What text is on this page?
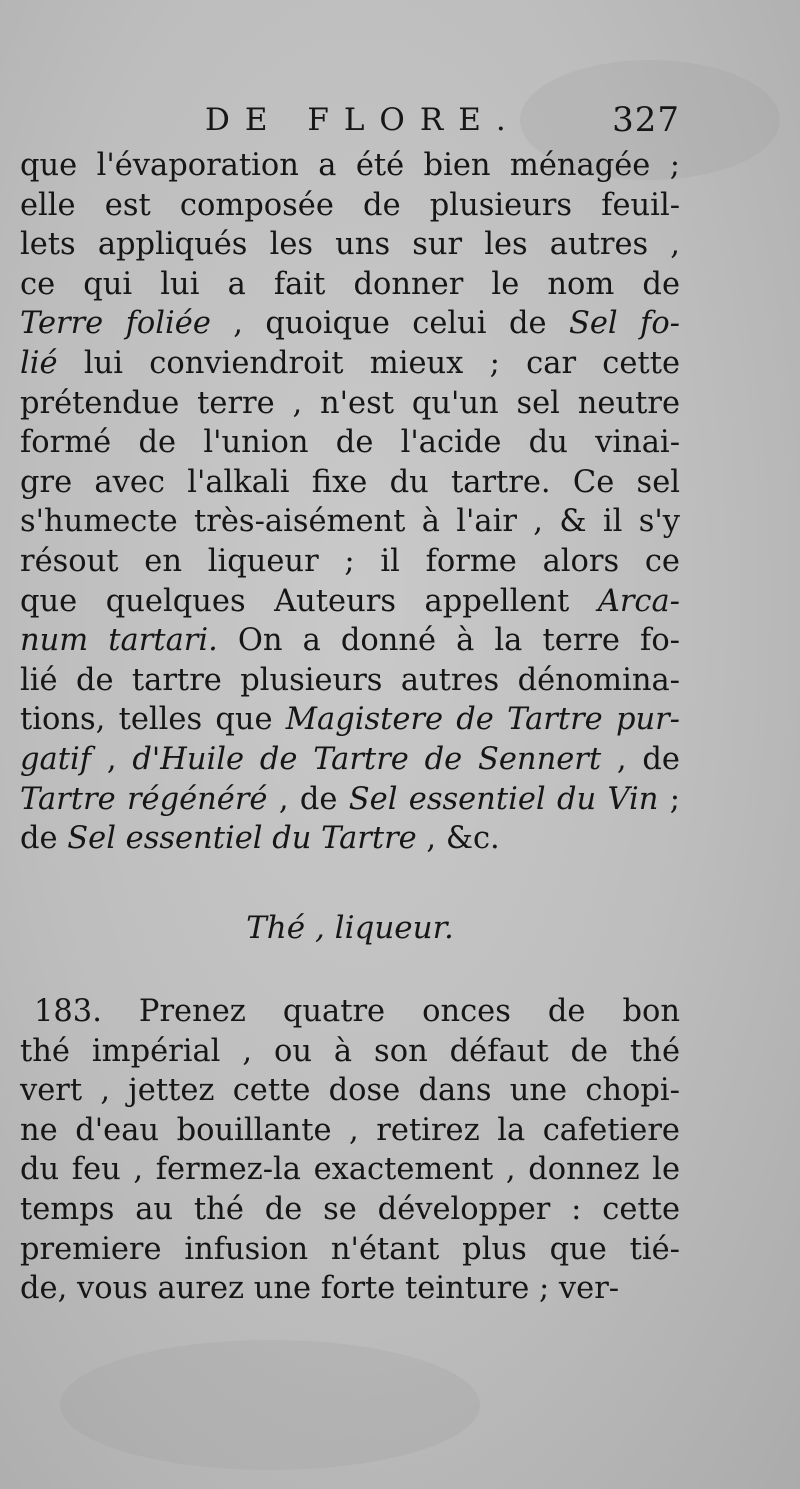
DE FLORE.	327
que l'évaporation a été bien ménagée ;
elle est composée de plusieurs feuil-
lets appliqués les uns sur les autres ,
ce qui lui a fait donner le nom de
Terre foliée , quoique celui de Sel fo-
lié lui conviendroit mieux ; car cette
prétendue terre , n'est qu'un sel neutre
formé de l'union de l'acide du vinai-
gre avec l'alkali fixe du tartre. Ce sel
s'humecte très-aisément à l'air , & il s'y
résout en liqueur ; il forme alors ce
que quelques Auteurs appellent Arca-
num tartari. On a donné à la terre fo-
lié de tartre plusieurs autres dénomina-
tions, telles que Magistere de Tartre pur-
gatif , d'Huile de Tartre de Sennert , de
Tartre régénéré , de Sel essentiel du Vin ;
de Sel essentiel du Tartre , &c.
Thé , liqueur.
183. Prenez quatre onces de bon
thé impérial , ou à son défaut de thé
vert , jettez cette dose dans une chopi-
ne d'eau bouillante , retirez la cafetiere
du feu , fermez-la exactement , donnez le
temps au thé de se développer : cette
premiere infusion n'étant plus que tié-
de, vous aurez une forte teinture ; ver-
